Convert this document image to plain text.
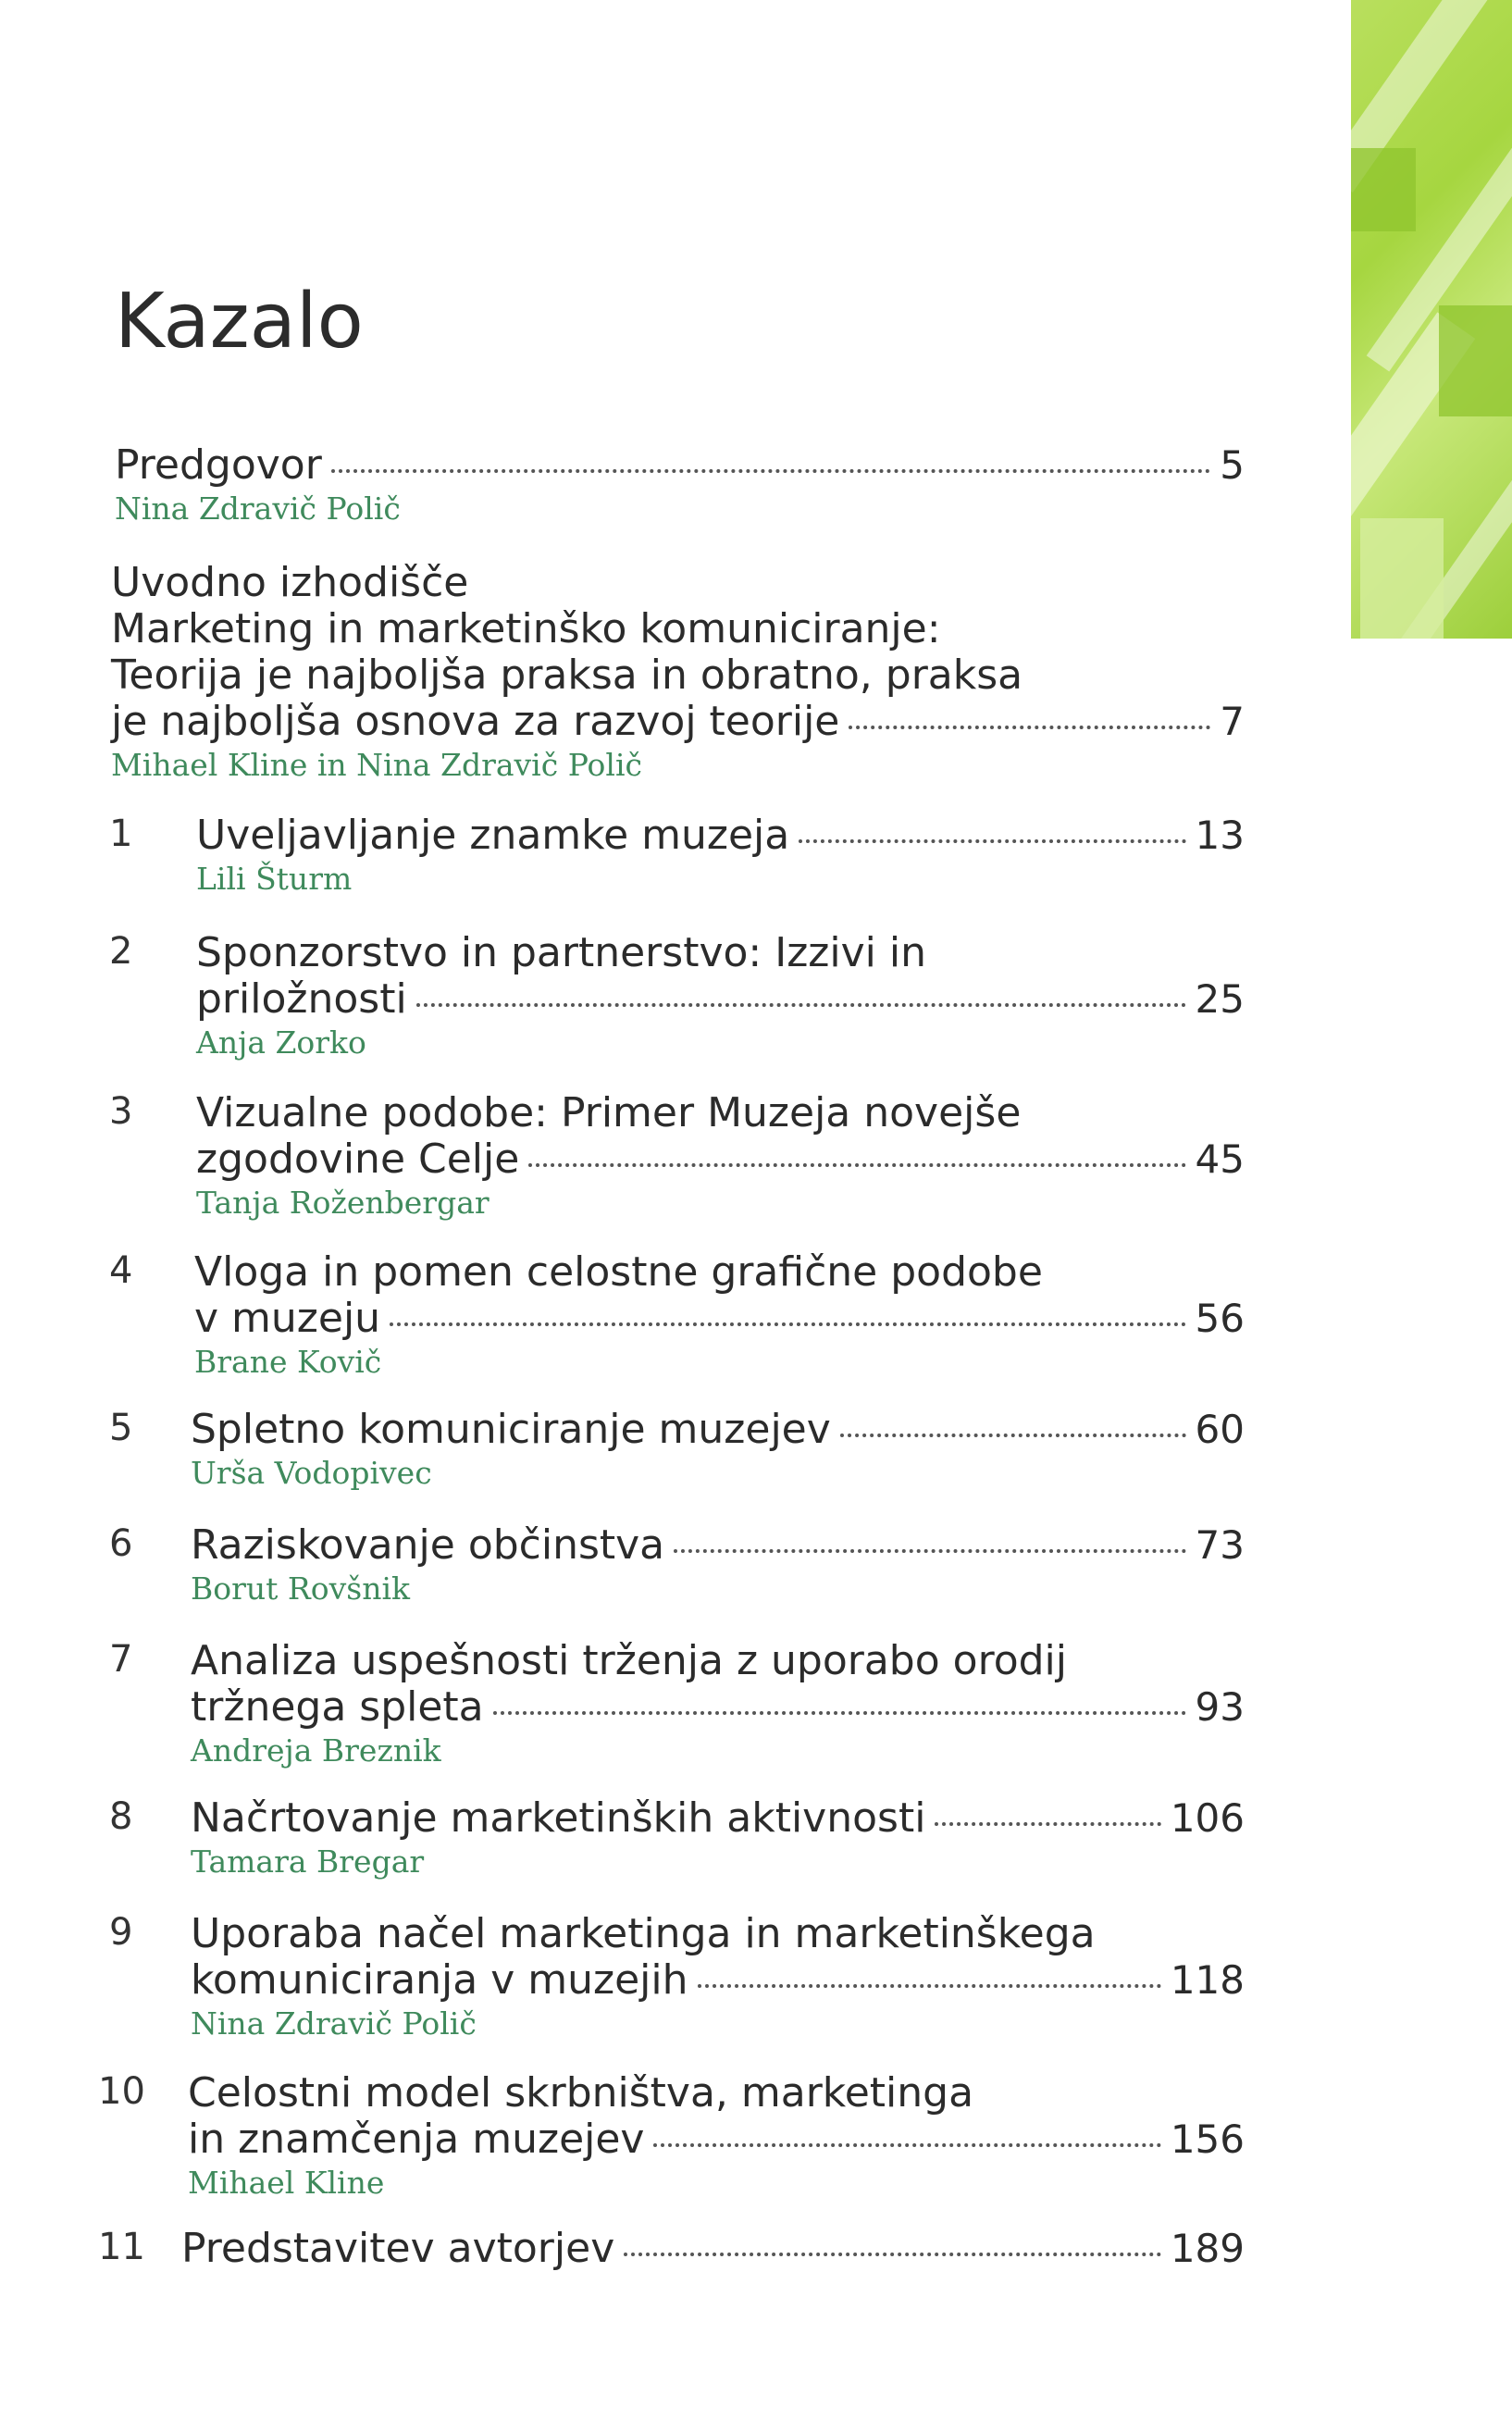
Kazalo
Predgovor	5
Nina Zdravič Polič
Uvodno izhodišče
Marketing in marketinško komuniciranje:
Teorija je najboljša praksa in obratno, praksa
je najboljša osnova za razvoj teorije	7
Mihael Kline in Nina Zdravič Polič
1 Uveljavljanje znamke muzeja	13
Lili Šturm
2 Sponzorstvo in partnerstvo: Izzivi in
priložnosti	25
Anja Zorko
3 Vizualne podobe: Primer Muzeja novejše
zgodovine Celje	45
Tanja Roženbergar
4 Vloga in pomen celostne grafične podobe
v muzeju	56
Brane Kovič
5 Spletno komuniciranje muzejev	60
Urša Vodopivec
6 Raziskovanje občinstva	73
Borut Rovšnik
7 Analiza uspešnosti trženja z uporabo orodij
tržnega spleta	93
Andreja Breznik
8 Načrtovanje marketinških aktivnosti	106
Tamara Bregar
9 Uporaba načel marketinga in marketinškega
komuniciranja v muzejih	118
Nina Zdravič Polič
10 Celostni model skrbništva, marketinga
in znamčenja muzejev	156
Mihael Kline
11 Predstavitev avtorjev	189
